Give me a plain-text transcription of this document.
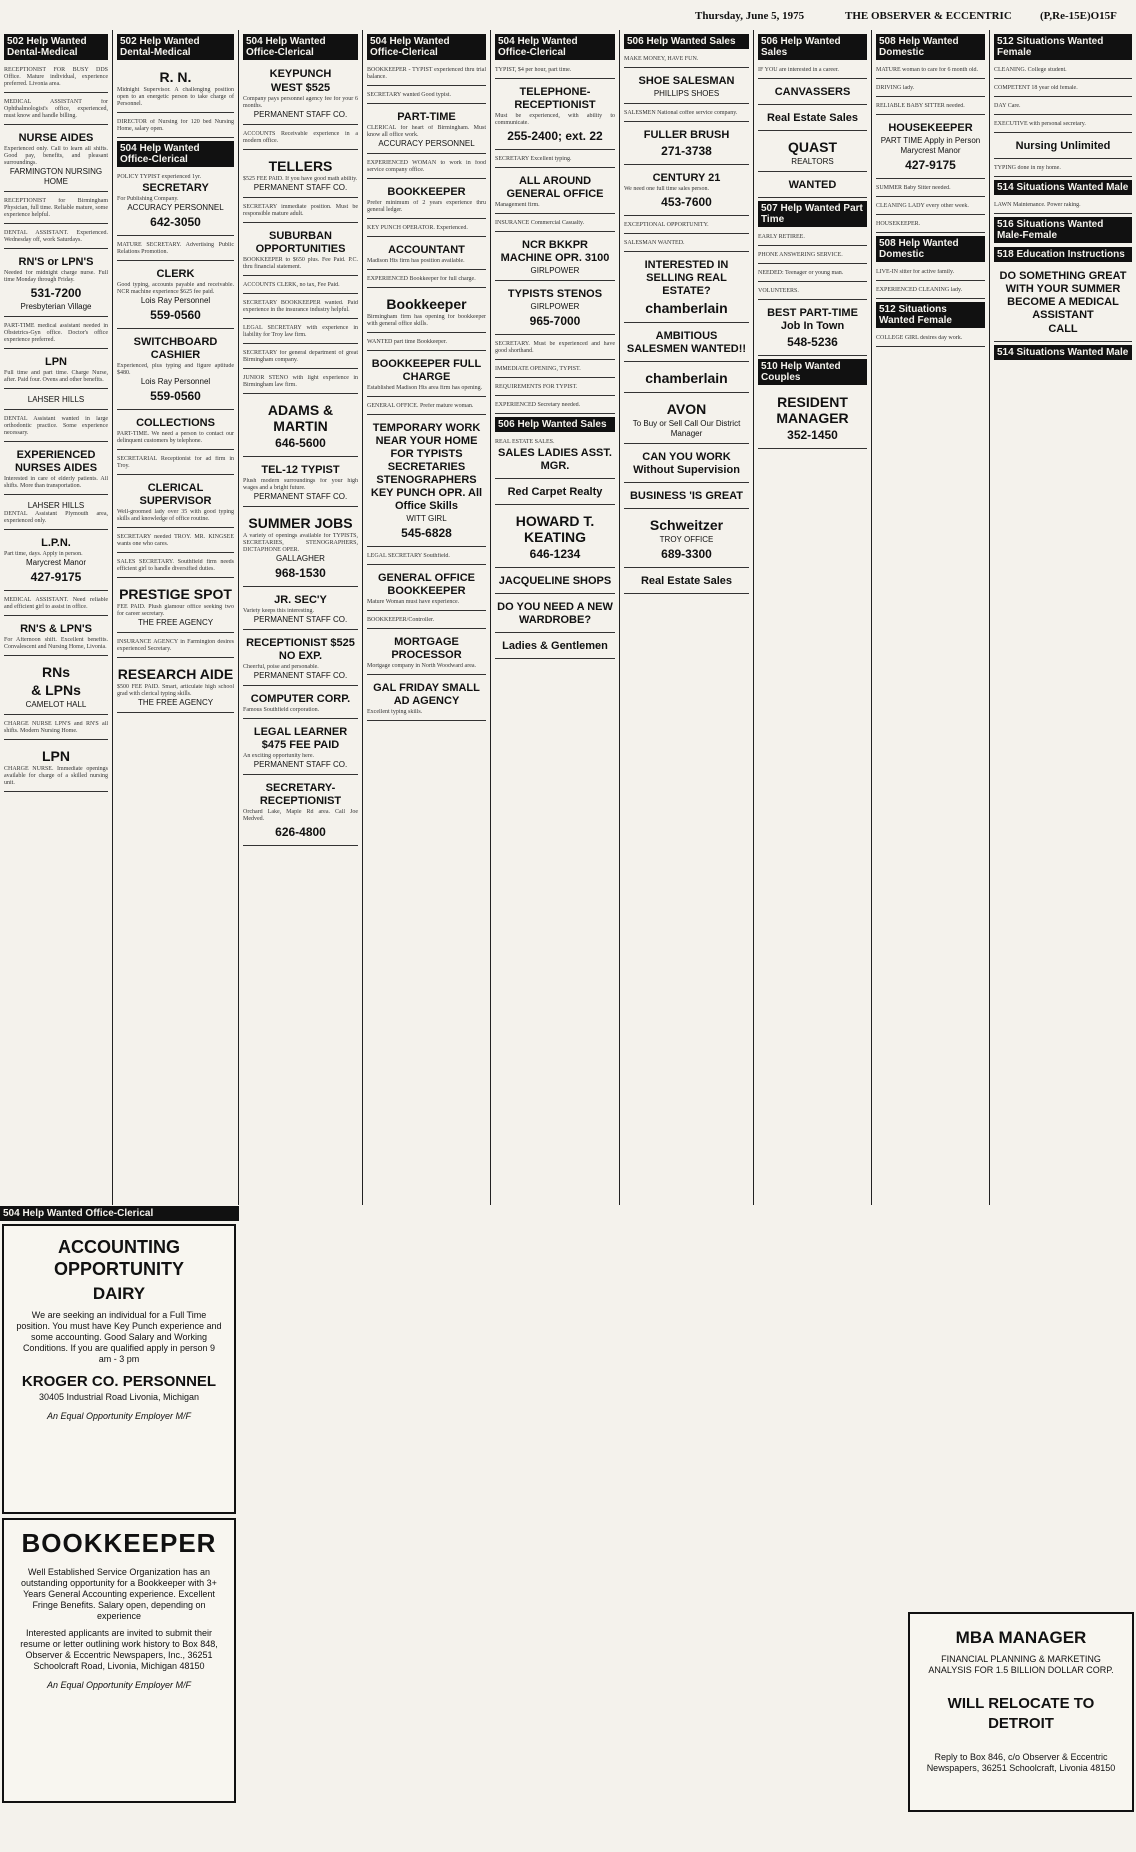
Thursday, June 5, 1975	THE OBSERVER & ECCENTRIC	(P,Re-15E)O15F
502 Help Wanted Dental-Medical
RECEPTIONIST FOR BUSY DDS Office. Mature individual, experience preferred. Livonia area.
MEDICAL ASSISTANT for Ophthalmologist's office, experienced, must know and handle billing.
NURSE AIDES
Experienced only. Call to learn all shifts. Good pay, benefits, and pleasant surroundings.
FARMINGTON NURSING HOME
RECEPTIONIST for Birmingham Physician, full time. Reliable mature, some experience helpful.
DENTAL ASSISTANT. Experienced. Wednesday off, work Saturdays.
RN'S or LPN'S
Needed for midnight charge nurse. Full time Monday through Friday.
531-7200
Presbyterian Village
PART-TIME medical assistant needed in Obstetrics-Gyn office. Doctor's office experience preferred.
LPN
Full time and part time. Charge Nurse, after. Paid four. Ovens and other benefits.
LAHSER HILLS
DENTAL Assistant wanted in large orthodontic practice. Some experience necessary.
EXPERIENCED NURSES AIDES
Interested in care of elderly patients. All shifts. More than transportation.
LAHSER HILLS
DENTAL Assistant Plymouth area, experienced only.
L.P.N.
Part time, days. Apply in person.
Marycrest Manor
427-9175
MEDICAL ASSISTANT. Need reliable and efficient girl to assist in office.
RN'S & LPN'S
For Afternoon shift. Excellent benefits. Convalescent and Nursing Home, Livonia.
RNs
& LPNs
CAMELOT HALL
CHARGE NURSE LPN'S and RN'S all shifts. Modern Nursing Home.
LPN
CHARGE NURSE. Immediate openings available for charge of a skilled nursing unit.
502 Help Wanted Dental-Medical
R. N.
Midnight Supervisor. A challenging position open to an energetic person to take charge of Personnel.
DIRECTOR of Nursing for 120 bed Nursing Home, salary open.
504 Help Wanted Office-Clerical
POLICY TYPIST experienced 1yr.
SECRETARY
For Publishing Company.
ACCURACY PERSONNEL
642-3050
MATURE SECRETARY. Advertising Public Relations Promotion.
CLERK
Good typing, accounts payable and receivable. NCR machine experience $625 fee paid.
Lois Ray Personnel
559-0560
SWITCHBOARD CASHIER
Experienced, plus typing and figure aptitude $480.
Lois Ray Personnel
559-0560
COLLECTIONS
PART-TIME. We need a person to contact our delinquent customers by telephone.
SECRETARIAL Receptionist for ad firm in Troy.
CLERICAL SUPERVISOR
Well-groomed lady over 35 with good typing skills and knowledge of office routine.
SECRETARY needed TROY. MR. KINGSEE wants one who cares.
SALES SECRETARY. Southfield firm needs efficient girl to handle diversified duties.
PRESTIGE SPOT
FEE PAID. Plush glamour office seeking two for career secretary.
THE FREE AGENCY
INSURANCE AGENCY in Farmington desires experienced Secretary.
RESEARCH AIDE
$500 FEE PAID. Smart, articulate high school grad with clerical typing skills.
THE FREE AGENCY
504 Help Wanted Office-Clerical
KEYPUNCH
WEST $525
Company pays personnel agency fee for your 6 months.
PERMANENT STAFF CO.
ACCOUNTS Receivable experience in a modern office.
TELLERS
$525 FEE PAID. If you have good math ability.
PERMANENT STAFF CO.
SECRETARY immediate position. Must be responsible mature adult.
SUBURBAN OPPORTUNITIES
BOOKKEEPER to $650 plus. Fee Paid. P.C. thru financial statement.
ACCOUNTS CLERK, no tax, Fee Paid.
SECRETARY BOOKKEEPER wanted. Paid experience in the insurance industry helpful.
LEGAL SECRETARY with experience in liability for Troy law firm.
SECRETARY for general department of great Birmingham company.
JUNIOR STENO with light experience in Birmingham law firm.
ADAMS & MARTIN
646-5600
TEL-12 TYPIST
Plush modern surroundings for your high wages and a bright future.
PERMANENT STAFF CO.
SUMMER JOBS
A variety of openings available for TYPISTS, SECRETARIES, STENOGRAPHERS, DICTAPHONE OPER.
GALLAGHER
968-1530
JR. SEC'Y
Variety keeps this interesting.
PERMANENT STAFF CO.
RECEPTIONIST $525 NO EXP.
Cheerful, poise and personable.
PERMANENT STAFF CO.
COMPUTER CORP.
Famous Southfield corporation.
LEGAL LEARNER $475 FEE PAID
An exciting opportunity here.
PERMANENT STAFF CO.
SECRETARY-RECEPTIONIST
Orchard Lake, Maple Rd area. Call Joe Medved.
626-4800
504 Help Wanted Office-Clerical
BOOKKEEPER - TYPIST experienced thru trial balance.
SECRETARY wanted Good typist.
PART-TIME
CLERICAL for heart of Birmingham. Must know all office work.
ACCURACY PERSONNEL
EXPERIENCED WOMAN to work in food service company office.
BOOKKEEPER
Prefer minimum of 2 years experience thru general ledger.
KEY PUNCH OPERATOR. Experienced.
ACCOUNTANT
Madison Hts firm has position available.
EXPERIENCED Bookkeeper for full charge.
Bookkeeper
Birmingham firm has opening for bookkeeper with general office skills.
WANTED part time Bookkeeper.
BOOKKEEPER FULL CHARGE
Established Madison Hts area firm has opening.
GENERAL OFFICE. Prefer mature woman.
TEMPORARY WORK NEAR YOUR HOME FOR TYPISTS SECRETARIES STENOGRAPHERS KEY PUNCH OPR. All Office Skills
WITT GIRL
545-6828
LEGAL SECRETARY Southfield.
GENERAL OFFICE BOOKKEEPER
Mature Woman must have experience.
BOOKKEEPER/Controller.
MORTGAGE PROCESSOR
Mortgage company in North Woodward area.
GAL FRIDAY SMALL AD AGENCY
Excellent typing skills.
504 Help Wanted Office-Clerical
TYPIST, $4 per hour, part time.
TELEPHONE-RECEPTIONIST
Must be experienced, with ability to communicate.
255-2400; ext. 22
SECRETARY Excellent typing.
ALL AROUND GENERAL OFFICE
Management firm.
INSURANCE Commercial Casualty.
NCR BKKPR MACHINE OPR. 3100
GIRLPOWER
TYPISTS STENOS
GIRLPOWER
965-7000
SECRETARY. Must be experienced and have good shorthand.
IMMEDIATE OPENING, TYPIST.
REQUIREMENTS FOR TYPIST.
EXPERIENCED Secretary needed.
506 Help Wanted Sales
REAL ESTATE SALES.
SALES LADIES ASST. MGR.
Red Carpet Realty
HOWARD T. KEATING
646-1234
JACQUELINE SHOPS
DO YOU NEED A NEW WARDROBE?
Ladies & Gentlemen
506 Help Wanted Sales
MAKE MONEY, HAVE FUN.
SHOE SALESMAN
PHILLIPS SHOES
SALESMEN National coffee service company.
FULLER BRUSH
271-3738
CENTURY 21
We need one full time sales person.
453-7600
EXCEPTIONAL OPPORTUNITY.
SALESMAN WANTED.
INTERESTED IN SELLING REAL ESTATE?
chamberlain
AMBITIOUS SALESMEN WANTED!!
chamberlain
AVON
To Buy or Sell Call Our District Manager
CAN YOU WORK Without Supervision
BUSINESS 'IS GREAT
Schweitzer
TROY OFFICE
689-3300
Real Estate Sales
506 Help Wanted Sales
IF YOU are interested in a career.
CANVASSERS
Real Estate Sales
QUAST
REALTORS
WANTED
507 Help Wanted Part Time
EARLY RETIREE.
PHONE ANSWERING SERVICE.
NEEDED: Teenager or young man.
VOLUNTEERS.
BEST PART-TIME Job In Town
548-5236
510 Help Wanted Couples
RESIDENT MANAGER
352-1450
508 Help Wanted Domestic
MATURE woman to care for 6 month old.
DRIVING lady.
RELIABLE BABY SITTER needed.
HOUSEKEEPER
PART TIME Apply in Person
Marycrest Manor
427-9175
SUMMER Baby Sitter needed.
CLEANING LADY every other week.
HOUSEKEEPER.
508 Help Wanted Domestic
LIVE-IN sitter for active family.
EXPERIENCED CLEANING lady.
512 Situations Wanted Female
COLLEGE GIRL desires day work.
512 Situations Wanted Female
CLEANING. College student.
COMPETENT 18 year old female.
DAY Care.
EXECUTIVE with personal secretary.
Nursing Unlimited
TYPING done in my home.
514 Situations Wanted Male
LAWN Maintenance. Power raking.
516 Situations Wanted Male-Female
518 Education Instructions
DO SOMETHING GREAT WITH YOUR SUMMER BECOME A MEDICAL ASSISTANT
CALL
514 Situations Wanted Male
504 Help Wanted Office-Clerical
ACCOUNTING OPPORTUNITY
DAIRY
We are seeking an individual for a Full Time position. You must have Key Punch experience and some accounting. Good Salary and Working Conditions. If you are qualified apply in person 9 am - 3 pm
KROGER CO. PERSONNEL
30405 Industrial Road Livonia, Michigan
An Equal Opportunity Employer M/F
BOOKKEEPER
Well Established Service Organization has an outstanding opportunity for a Bookkeeper with 3+ Years General Accounting experience. Excellent Fringe Benefits. Salary open, depending on experience
Interested applicants are invited to submit their resume or letter outlining work history to Box 848, Observer & Eccentric Newspapers, Inc., 36251 Schoolcraft Road, Livonia, Michigan 48150
An Equal Opportunity Employer M/F
MBA MANAGER
FINANCIAL PLANNING & MARKETING ANALYSIS FOR 1.5 BILLION DOLLAR CORP.
WILL RELOCATE TO DETROIT
Reply to Box 846, c/o Observer & Eccentric Newspapers, 36251 Schoolcraft, Livonia 48150
